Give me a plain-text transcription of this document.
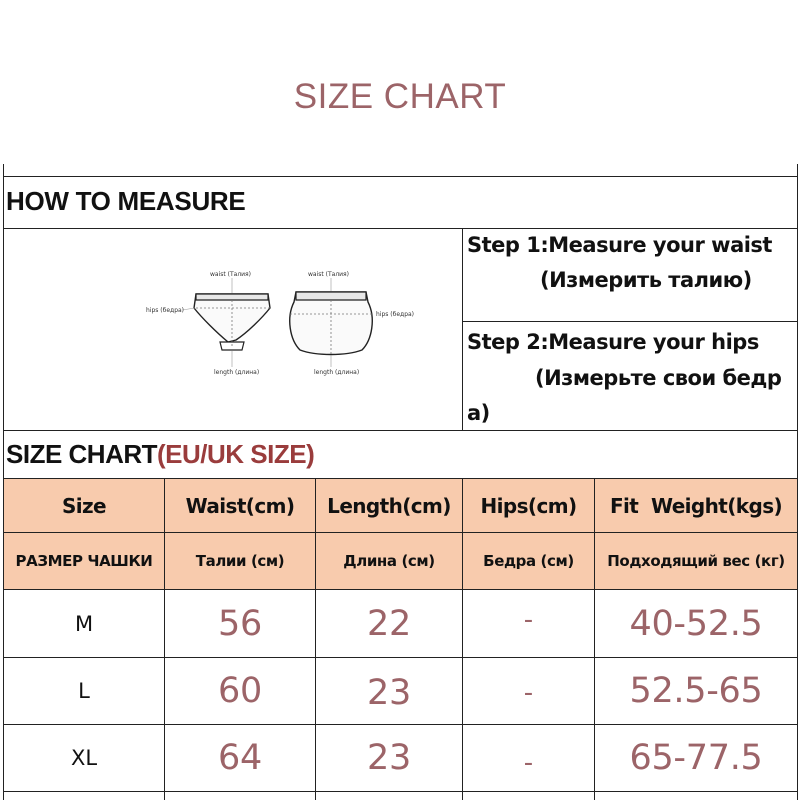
SIZE CHART
HOW TO MEASURE
waist (Талия)
hips (бедра)
length (длина)
waist (Талия)
hips (бедра)
length (длина)
Step 1:Measure your waist
(Измерить талию)
Step 2:Measure your hips
(Измерьте свои бедр
а)
SIZE CHART(EU/UK SIZE)
Size	Waist(cm)	Length(cm)	Hips(cm)	Fit  Weight(kgs)
РАЗМЕР ЧАШКИ	Талии (см)	Длина (см)	Бедра (см)	Подходящий вес (кг)
M	56	22	-	40-52.5
L	60	23	-	52.5-65
XL	64	23	-	65-77.5
